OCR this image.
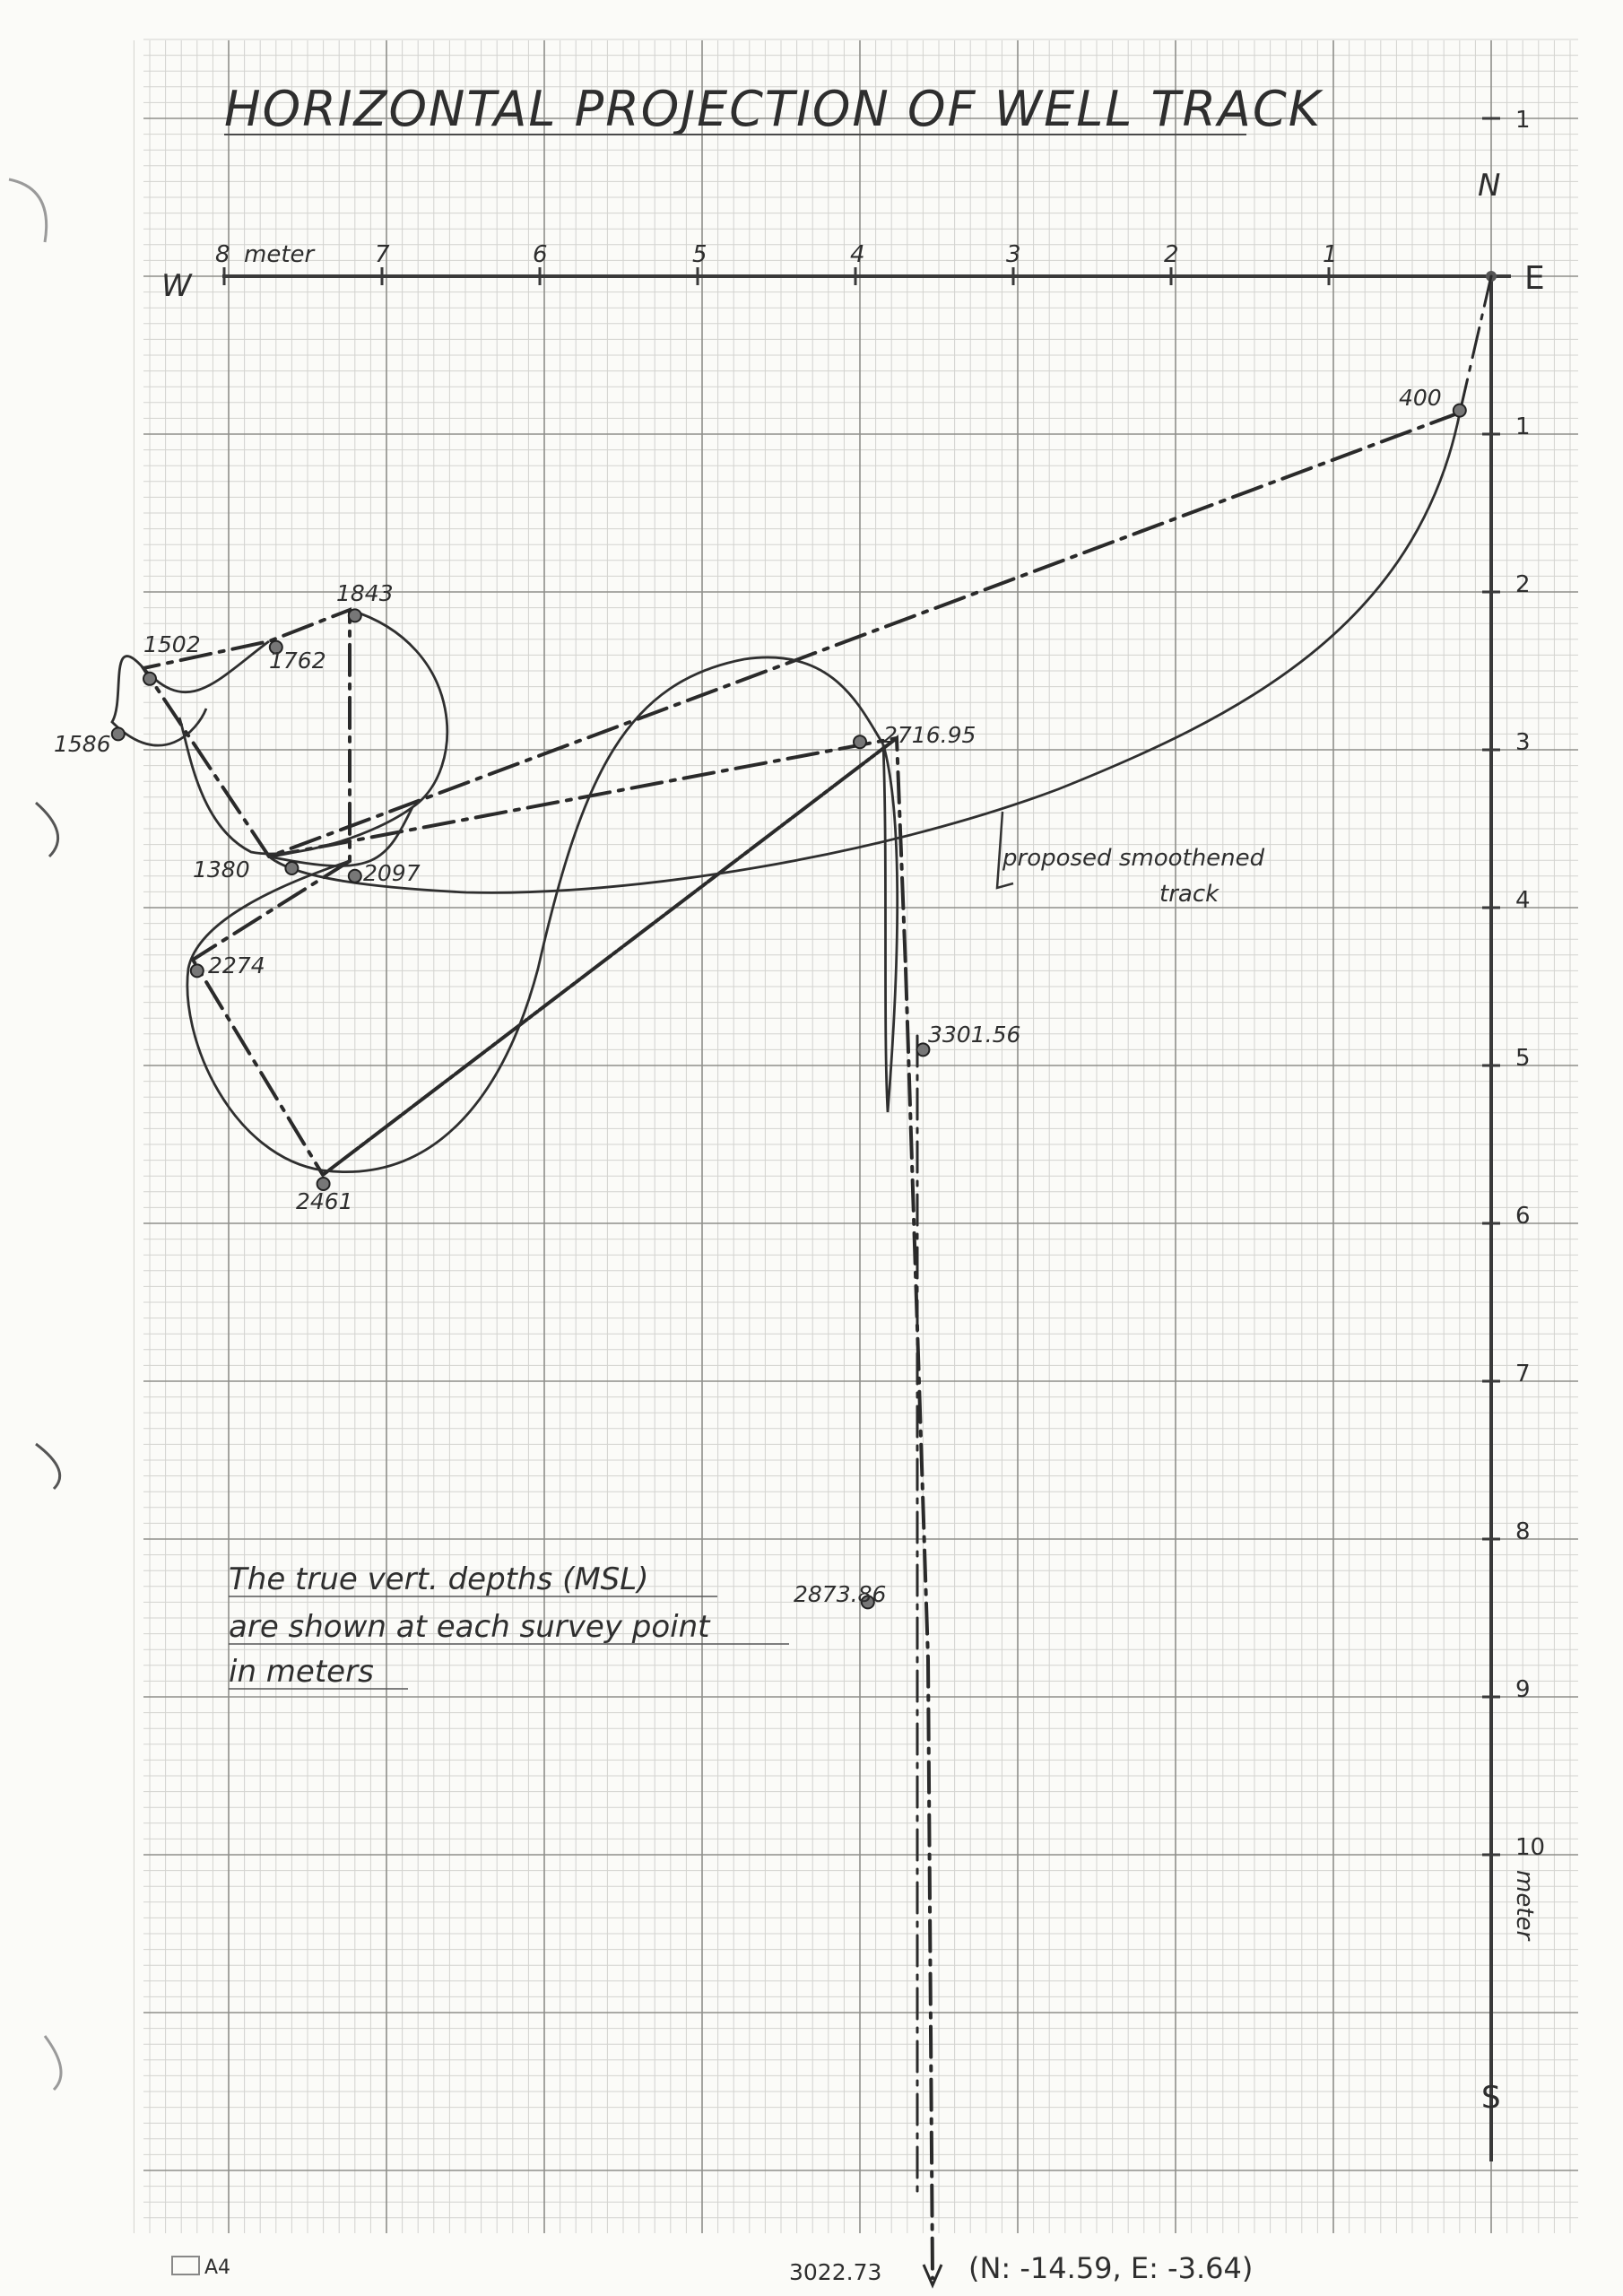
HORIZONTAL PROJECTION OF WELL TRACK
N
E
W
S
meter
meter
8	7	6	5	4	3	2	1
1
1
2
3
4
5
6
7
8
9
10
400
1843
1762
1502
1586	2716.95
1380	2097
2274
3301.56
2461
2873.86
3022.73
proposed smoothened
track
The true vert. depths (MSL)
are shown at each survey point
in meters
(N: -14.59, E: -3.64)
A4
